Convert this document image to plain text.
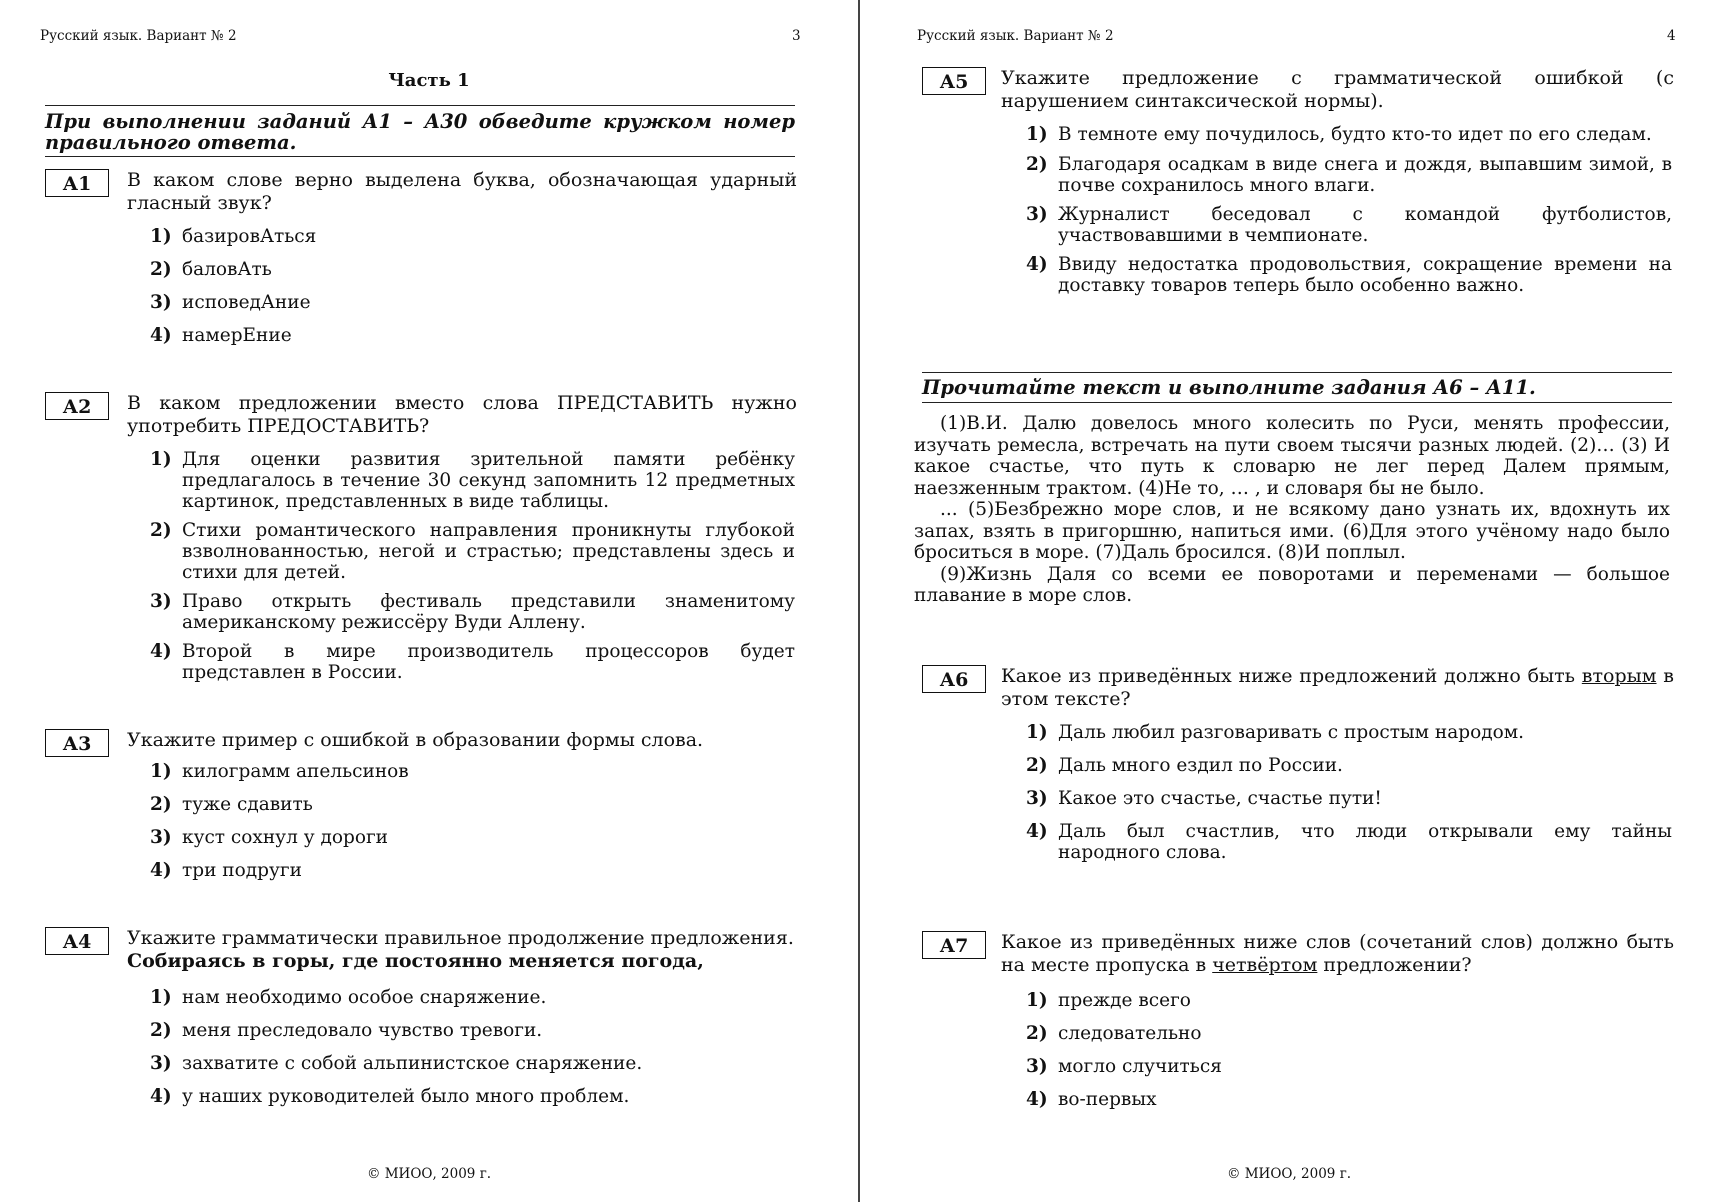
Русский язык. Вариант № 2	3
Часть 1
При выполнении заданий А1 – А30 обведите кружком номер правильного ответа.
А1	В каком слове верно выделена буква, обозначающая ударный гласный звук?
1) базировАться
2) баловАть
3) исповедАние
4) намерЕние
А2	В каком предложении вместо слова ПРЕДСТАВИТЬ нужно употребить ПРЕДОСТАВИТЬ?
1) Для оценки развития зрительной памяти ребёнку предлагалось в течение 30 секунд запомнить 12 предметных картинок, представленных в виде таблицы.
2) Стихи романтического направления проникнуты глубокой взволнованностью, негой и страстью; представлены здесь и стихи для детей.
3) Право открыть фестиваль представили знаменитому американскому режиссёру Вуди Аллену.
4) Второй в мире производитель процессоров будет представлен в России.
А3	Укажите пример с ошибкой в образовании формы слова.
1) килограмм апельсинов
2) туже сдавить
3) куст сохнул у дороги
4) три подруги
А4	Укажите грамматически правильное продолжение предложения.
Собираясь в горы, где постоянно меняется погода,
1) нам необходимо особое снаряжение.
2) меня преследовало чувство тревоги.
3) захватите с собой альпинистское снаряжение.
4) у наших руководителей было много проблем.
© МИОО, 2009 г.
Русский язык. Вариант № 2	4
А5	Укажите предложение с грамматической ошибкой (с нарушением синтаксической нормы).
1) В темноте ему почудилось, будто кто-то идет по его следам.
2) Благодаря осадкам в виде снега и дождя, выпавшим зимой, в почве сохранилось много влаги.
3) Журналист беседовал с командой футболистов, участвовавшими в чемпионате.
4) Ввиду недостатка продовольствия, сокращение времени на доставку товаров теперь было особенно важно.
Прочитайте текст и выполните задания А6 – А11.

(1)В.И. Далю довелось много колесить по Руси, менять профессии, изучать ремесла, встречать на пути своем тысячи разных людей. (2)… (3) И какое счастье, что путь к словарю не лег перед Далем прямым, наезженным трактом. (4)Не то, … , и словаря бы не было.

... (5)Безбрежно море слов, и не всякому дано узнать их, вдохнуть их запах, взять в пригоршню, напиться ими. (6)Для этого учёному надо было броситься в море. (7)Даль бросился. (8)И поплыл.

(9)Жизнь Даля со всеми ее поворотами и переменами — большое плавание в море слов.

А6	Какое из приведённых ниже предложений должно быть вторым в этом тексте?
1) Даль любил разговаривать с простым народом.
2) Даль много ездил по России.
3) Какое это счастье, счастье пути!
4) Даль был счастлив, что люди открывали ему тайны народного слова.
А7	Какое из приведённых ниже слов (сочетаний слов) должно быть на месте пропуска в четвёртом предложении?
1) прежде всего
2) следовательно
3) могло случиться
4) во-первых
© МИОО, 2009 г.
